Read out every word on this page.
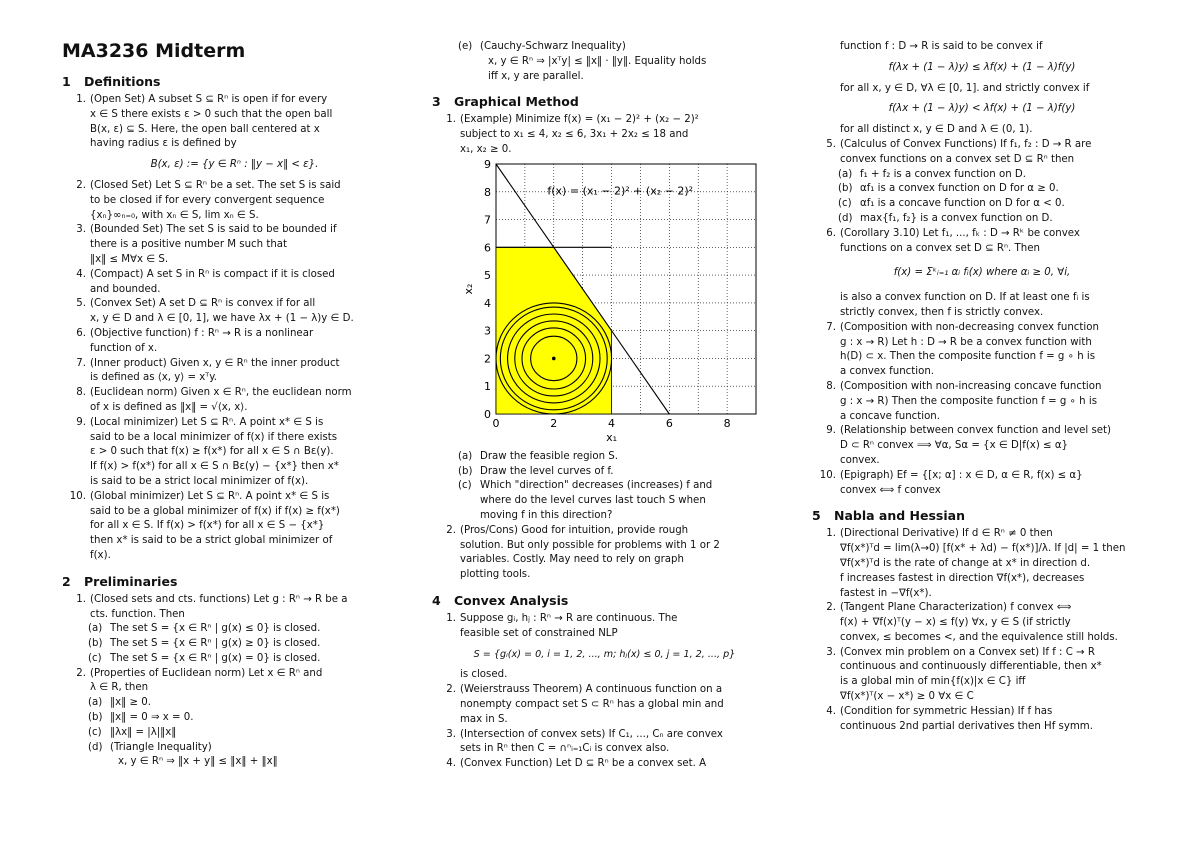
MA3236 Midterm
1 Definitions
1. (Open Set) A subset S ⊆ Rⁿ is open if for every
x ∈ S there exists ε > 0 such that the open ball
B(x, ε) ⊆ S. Here, the open ball centered at x
having radius ε is defined by
B(x, ε) := {y ∈ Rⁿ : ‖y − x‖ < ε}.
2. (Closed Set) Let S ⊆ Rⁿ be a set. The set S is said
to be closed if for every convergent sequence
{xₙ}∞ₙ₌₀, with xₙ ∈ S, lim xₙ ∈ S.
3. (Bounded Set) The set S is said to be bounded if
there is a positive number M such that
‖x‖ ≤ M∀x ∈ S.
4. (Compact) A set S in Rⁿ is compact if it is closed
and bounded.
5. (Convex Set) A set D ⊆ Rⁿ is convex if for all
x, y ∈ D and λ ∈ [0, 1], we have λx + (1 − λ)y ∈ D.
6. (Objective function) f : Rⁿ → R is a nonlinear
function of x.
7. (Inner product) Given x, y ∈ Rⁿ the inner product
is defined as ⟨x, y⟩ = xᵀy.
8. (Euclidean norm) Given x ∈ Rⁿ, the euclidean norm
of x is defined as ‖x‖ = √⟨x, x⟩.
9. (Local minimizer) Let S ⊆ Rⁿ. A point x* ∈ S is
said to be a local minimizer of f(x) if there exists
ε > 0 such that f(x) ≥ f(x*) for all x ∈ S ∩ Bε(y).
If f(x) > f(x*) for all x ∈ S ∩ Bε(y) − {x*} then x*
is said to be a strict local minimizer of f(x).
10. (Global minimizer) Let S ⊆ Rⁿ. A point x* ∈ S is
said to be a global minimizer of f(x) if f(x) ≥ f(x*)
for all x ∈ S. If f(x) > f(x*) for all x ∈ S − {x*}
then x* is said to be a strict global minimizer of
f(x).
2 Preliminaries
1. (Closed sets and cts. functions) Let g : Rⁿ → R be a
cts. function. Then
(a) The set S = {x ∈ Rⁿ | g(x) ≤ 0} is closed.
(b) The set S = {x ∈ Rⁿ | g(x) ≥ 0} is closed.
(c) The set S = {x ∈ Rⁿ | g(x) = 0} is closed.
2. (Properties of Euclidean norm) Let x ∈ Rⁿ and
λ ∈ R, then
(a) ‖x‖ ≥ 0.
(b) ‖x‖ = 0 ⇒ x = 0.
(c) ‖λx‖ = |λ|‖x‖
(d) (Triangle Inequality)
x, y ∈ Rⁿ ⇒ ‖x + y‖ ≤ ‖x‖ + ‖x‖
(e) (Cauchy-Schwarz Inequality)
x, y ∈ Rⁿ ⇒ |xᵀy| ≤ ‖x‖ · ‖y‖. Equality holds
iff x, y are parallel.
3 Graphical Method
1. (Example) Minimize f(x) = (x₁ − 2)² + (x₂ − 2)²
subject to x₁ ≤ 4, x₂ ≤ 6, 3x₁ + 2x₂ ≤ 18 and
x₁, x₂ ≥ 0.
0	2	4	6	8
0
1
2
3
4
5
6
7
8
9
x₁
x₂
f(x) = (x₁ − 2)² + (x₂ − 2)²
(a) Draw the feasible region S.
(b) Draw the level curves of f.
(c) Which "direction" decreases (increases) f and
where do the level curves last touch S when
moving f in this direction?
2. (Pros/Cons) Good for intuition, provide rough
solution. But only possible for problems with 1 or 2
variables. Costly. May need to rely on graph
plotting tools.
4 Convex Analysis
1. Suppose gᵢ, hⱼ : Rⁿ → R are continuous. The
feasible set of constrained NLP
S = {gᵢ(x) = 0, i = 1, 2, ..., m; hⱼ(x) ≤ 0, j = 1, 2, ..., p}
is closed.
2. (Weierstrauss Theorem) A continuous function on a
nonempty compact set S ⊂ Rⁿ has a global min and
max in S.
3. (Intersection of convex sets) If C₁, ..., Cₙ are convex
sets in Rⁿ then C = ∩ⁿᵢ₌₁Cᵢ is convex also.
4. (Convex Function) Let D ⊆ Rⁿ be a convex set. A
function f : D → R is said to be convex if
f(λx + (1 − λ)y) ≤ λf(x) + (1 − λ)f(y)
for all x, y ∈ D, ∀λ ∈ [0, 1]. and strictly convex if
f(λx + (1 − λ)y) < λf(x) + (1 − λ)f(y)
for all distinct x, y ∈ D and λ ∈ (0, 1).
5. (Calculus of Convex Functions) If f₁, f₂ : D → R are
convex functions on a convex set D ⊆ Rⁿ then
(a) f₁ + f₂ is a convex function on D.
(b) αf₁ is a convex function on D for α ≥ 0.
(c) αf₁ is a concave function on D for α < 0.
(d) max{f₁, f₂} is a convex function on D.
6. (Corollary 3.10) Let f₁, ..., fₖ : D → Rᵏ be convex
functions on a convex set D ⊆ Rⁿ. Then
f(x) = Σᵏᵢ₌₁ αᵢ fᵢ(x) where αᵢ ≥ 0, ∀i,
is also a convex function on D. If at least one fᵢ is
strictly convex, then f is strictly convex.
7. (Composition with non-decreasing convex function
g : x → R) Let h : D → R be a convex function with
h(D) ⊂ x. Then the composite function f = g ∘ h is
a convex function.
8. (Composition with non-increasing concave function
g : x → R) Then the composite function f = g ∘ h is
a concave function.
9. (Relationship between convex function and level set)
D ⊂ Rⁿ convex ⟹ ∀α, Sα = {x ∈ D|f(x) ≤ α}
convex.
10. (Epigraph) Ef = {[x; α] : x ∈ D, α ∈ R, f(x) ≤ α}
convex ⟺ f convex
5 Nabla and Hessian
1. (Directional Derivative) If d ∈ Rⁿ ≠ 0 then
∇f(x*)ᵀd = lim(λ→0) [f(x* + λd) − f(x*)]/λ. If |d| = 1 then
∇f(x*)ᵀd is the rate of change at x* in direction d.
f increases fastest in direction ∇f(x*), decreases
fastest in −∇f(x*).
2. (Tangent Plane Characterization) f convex ⟺
f(x) + ∇f(x)ᵀ(y − x) ≤ f(y) ∀x, y ∈ S (if strictly
convex, ≤ becomes <, and the equivalence still holds.
3. (Convex min problem on a Convex set) If f : C → R
continuous and continuously differentiable, then x*
is a global min of min{f(x)|x ∈ C} iff
∇f(x*)ᵀ(x − x*) ≥ 0 ∀x ∈ C
4. (Condition for symmetric Hessian) If f has
continuous 2nd partial derivatives then Hf symm.
